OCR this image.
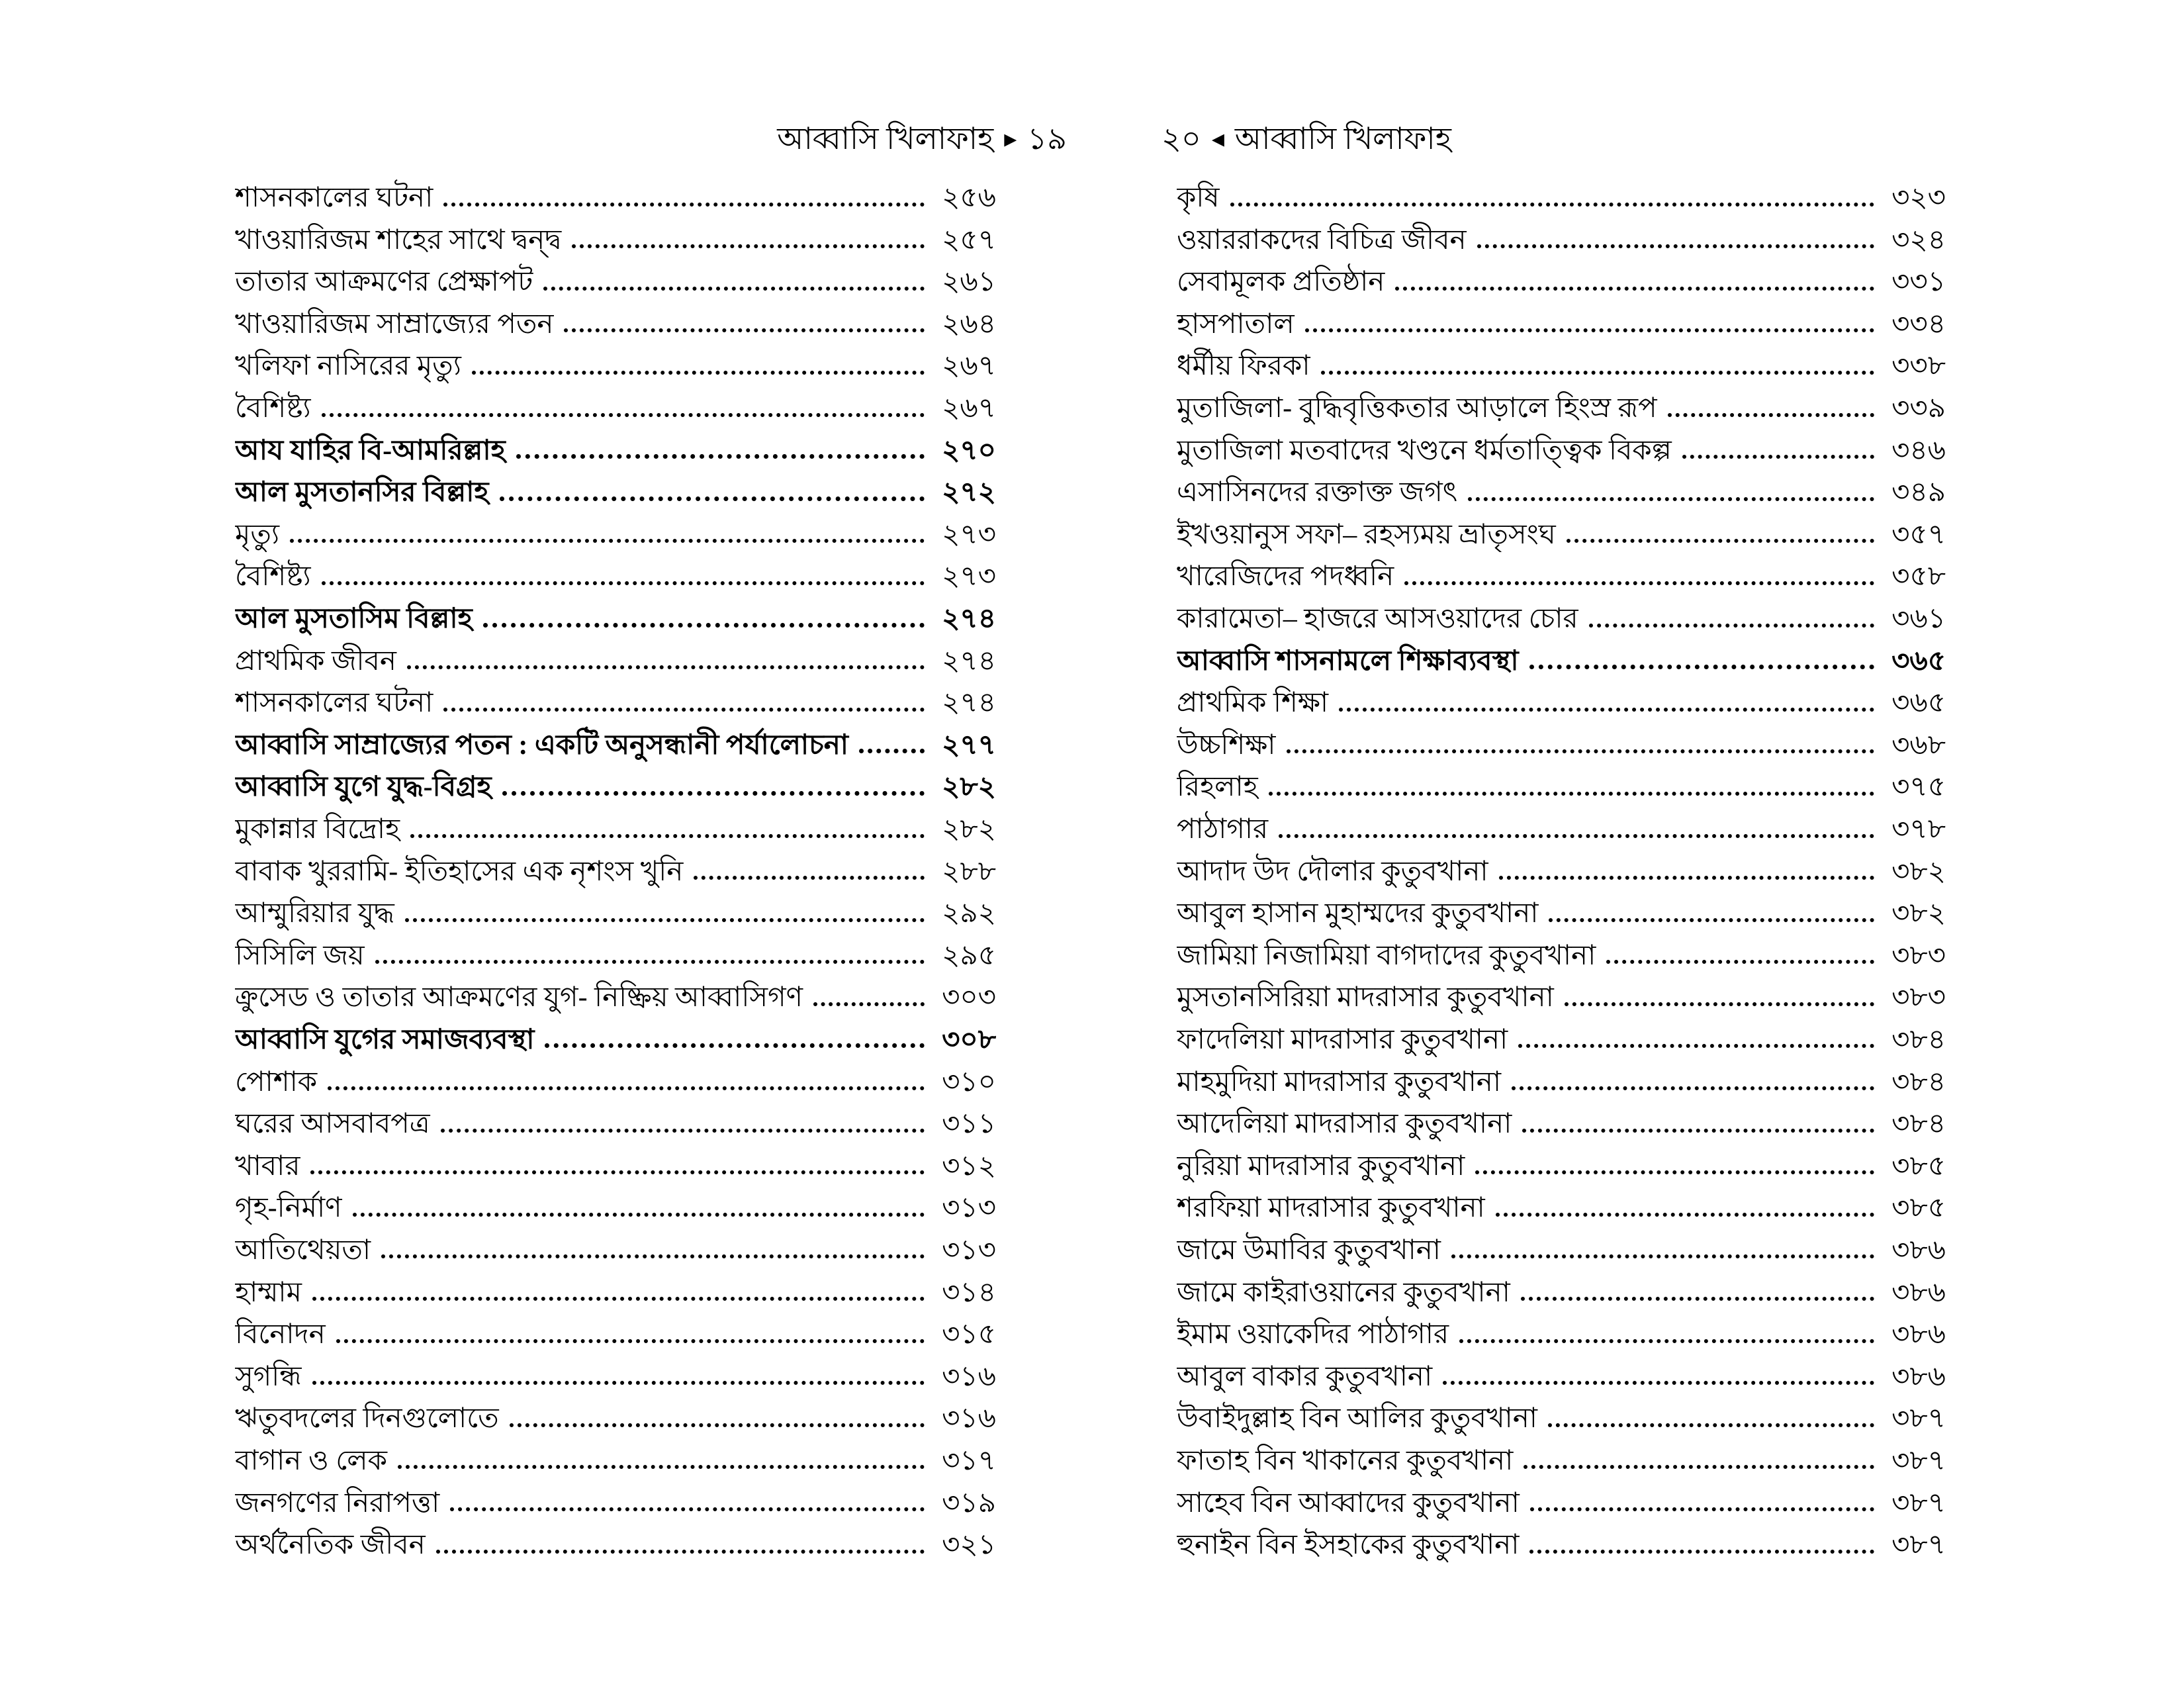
আব্বাসি খিলাফাহ ▸ ১৯	২০ ◂ আব্বাসি খিলাফাহ
শাসনকালের ঘটনা	২৫৬
খাওয়ারিজম শাহের সাথে দ্বন্দ্ব	২৫৭
তাতার আক্রমণের প্রেক্ষাপট	২৬১
খাওয়ারিজম সাম্রাজ্যের পতন	২৬৪
খলিফা নাসিরের মৃত্যু	২৬৭
বৈশিষ্ট্য	২৬৭
আয যাহির বি-আমরিল্লাহ	২৭০
আল মুসতানসির বিল্লাহ	২৭২
মৃত্যু	২৭৩
বৈশিষ্ট্য	২৭৩
আল মুসতাসিম বিল্লাহ	২৭৪
প্রাথমিক জীবন	২৭৪
শাসনকালের ঘটনা	২৭৪
আব্বাসি সাম্রাজ্যের পতন : একটি অনুসন্ধানী পর্যালোচনা	২৭৭
আব্বাসি যুগে যুদ্ধ-বিগ্রহ	২৮২
মুকান্নার বিদ্রোহ	২৮২
বাবাক খুররামি- ইতিহাসের এক নৃশংস খুনি	২৮৮
আম্মুরিয়ার যুদ্ধ	২৯২
সিসিলি জয়	২৯৫
ক্রুসেড ও তাতার আক্রমণের যুগ- নিষ্ক্রিয় আব্বাসিগণ	৩০৩
আব্বাসি যুগের সমাজব্যবস্থা	৩০৮
পোশাক	৩১০
ঘরের আসবাবপত্র	৩১১
খাবার	৩১২
গৃহ-নির্মাণ	৩১৩
আতিথেয়তা	৩১৩
হাম্মাম	৩১৪
বিনোদন	৩১৫
সুগন্ধি	৩১৬
ঋতুবদলের দিনগুলোতে	৩১৬
বাগান ও লেক	৩১৭
জনগণের নিরাপত্তা	৩১৯
অর্থনৈতিক জীবন	৩২১
কৃষি	৩২৩
ওয়াররাকদের বিচিত্র জীবন	৩২৪
সেবামূলক প্রতিষ্ঠান	৩৩১
হাসপাতাল	৩৩৪
ধর্মীয় ফিরকা	৩৩৮
মুতাজিলা- বুদ্ধিবৃত্তিকতার আড়ালে হিংস্র রূপ	৩৩৯
মুতাজিলা মতবাদের খণ্ডনে ধর্মতাত্ত্বিক বিকল্প	৩৪৬
এসাসিনদের রক্তাক্ত জগৎ	৩৪৯
ইখওয়ানুস সফা– রহস্যময় ভ্রাতৃসংঘ	৩৫৭
খারেজিদের পদধ্বনি	৩৫৮
কারামেতা– হাজরে আসওয়াদের চোর	৩৬১
আব্বাসি শাসনামলে শিক্ষাব্যবস্থা	৩৬৫
প্রাথমিক শিক্ষা	৩৬৫
উচ্চশিক্ষা	৩৬৮
রিহলাহ	৩৭৫
পাঠাগার	৩৭৮
আদাদ উদ দৌলার কুতুবখানা	৩৮২
আবুল হাসান মুহাম্মদের কুতুবখানা	৩৮২
জামিয়া নিজামিয়া বাগদাদের কুতুবখানা	৩৮৩
মুসতানসিরিয়া মাদরাসার কুতুবখানা	৩৮৩
ফাদেলিয়া মাদরাসার কুতুবখানা	৩৮৪
মাহমুদিয়া মাদরাসার কুতুবখানা	৩৮৪
আদেলিয়া মাদরাসার কুতুবখানা	৩৮৪
নুরিয়া মাদরাসার কুতুবখানা	৩৮৫
শরফিয়া মাদরাসার কুতুবখানা	৩৮৫
জামে উমাবির কুতুবখানা	৩৮৬
জামে কাইরাওয়ানের কুতুবখানা	৩৮৬
ইমাম ওয়াকেদির পাঠাগার	৩৮৬
আবুল বাকার কুতুবখানা	৩৮৬
উবাইদুল্লাহ বিন আলির কুতুবখানা	৩৮৭
ফাতাহ বিন খাকানের কুতুবখানা	৩৮৭
সাহেব বিন আব্বাদের কুতুবখানা	৩৮৭
হুনাইন বিন ইসহাকের কুতুবখানা	৩৮৭
